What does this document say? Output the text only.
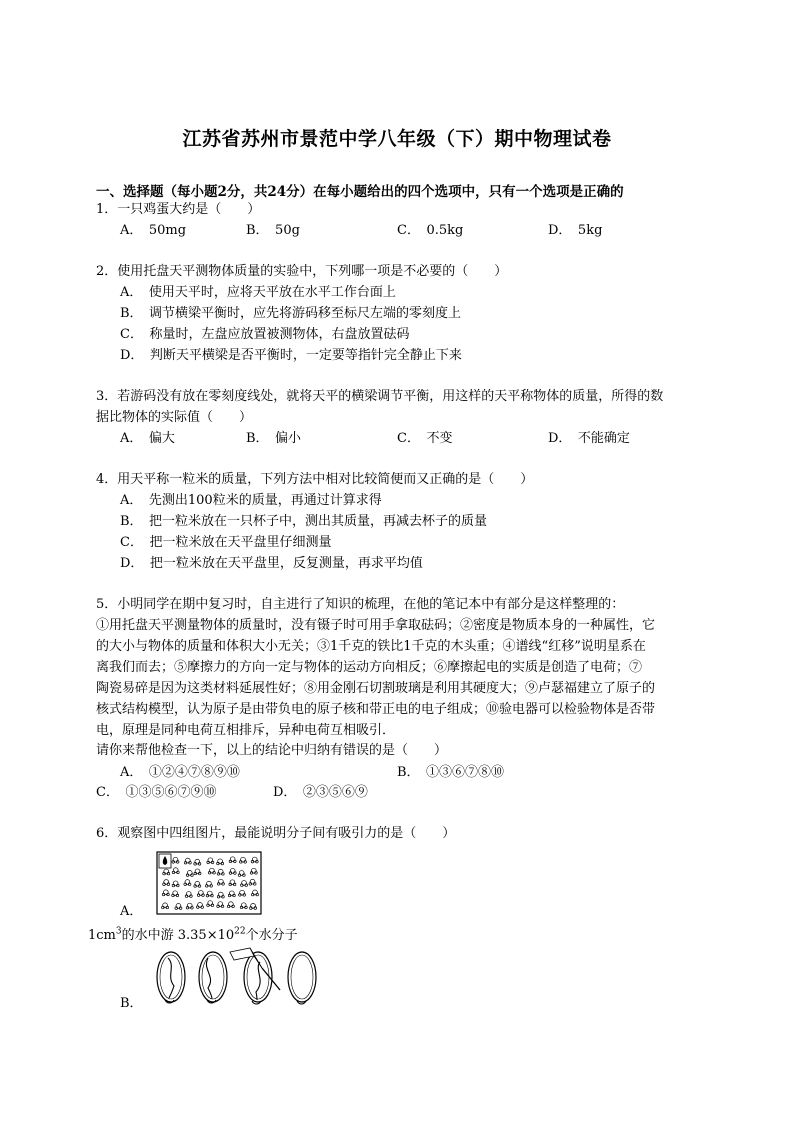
江苏省苏州市景范中学八年级（下）期中物理试卷
一、选择题（每小题2分，共24分）在每小题给出的四个选项中，只有一个选项是正确的
1．一只鸡蛋大约是（　　）
A．　50mg	B．　50g	C．　0.5kg	D．　5kg
2．使用托盘天平测物体质量的实验中，下列哪一项是不必要的（　　）
A．　使用天平时，应将天平放在水平工作台面上
B．　调节横梁平衡时，应先将游码移至标尺左端的零刻度上
C．　称量时，左盘应放置被测物体，右盘放置砝码
D．　判断天平横梁是否平衡时，一定要等指针完全静止下来
3．若游码没有放在零刻度线处，就将天平的横梁调节平衡，用这样的天平称物体的质量，所得的数
据比物体的实际值（　　）
A．　偏大	B．　偏小	C．　不变	D．　不能确定
4．用天平称一粒米的质量，下列方法中相对比较简便而又正确的是（　　）
A．　先测出100粒米的质量，再通过计算求得
B．　把一粒米放在一只杯子中，测出其质量，再减去杯子的质量
C．　把一粒米放在天平盘里仔细测量
D．　把一粒米放在天平盘里，反复测量，再求平均值
5．小明同学在期中复习时，自主进行了知识的梳理，在他的笔记本中有部分是这样整理的：
①用托盘天平测量物体的质量时，没有镊子时可用手拿取砝码；②密度是物质本身的一种属性，它
的大小与物体的质量和体积大小无关；③1千克的铁比1千克的木头重；④谱线“红移”说明星系在
离我们而去；⑤摩擦力的方向一定与物体的运动方向相反；⑥摩擦起电的实质是创造了电荷；⑦
陶瓷易碎是因为这类材料延展性好；⑧用金刚石切割玻璃是利用其硬度大；⑨卢瑟福建立了原子的
核式结构模型，认为原子是由带负电的原子核和带正电的电子组成；⑩验电器可以检验物体是否带
电，原理是同种电荷互相排斥，异种电荷互相吸引．
请你来帮他检查一下，以上的结论中归纳有错误的是（　　）
A．　①②④⑦⑧⑨⑩	B．　①③⑥⑦⑧⑩
C．　①③⑤⑥⑦⑨⑩	D．　②③⑤⑥⑨
6．观察图中四组图片，最能说明分子间有吸引力的是（　　）
A．
$1cm^3$的水中游 $3.35\times 10^{22}$个水分子
B．
